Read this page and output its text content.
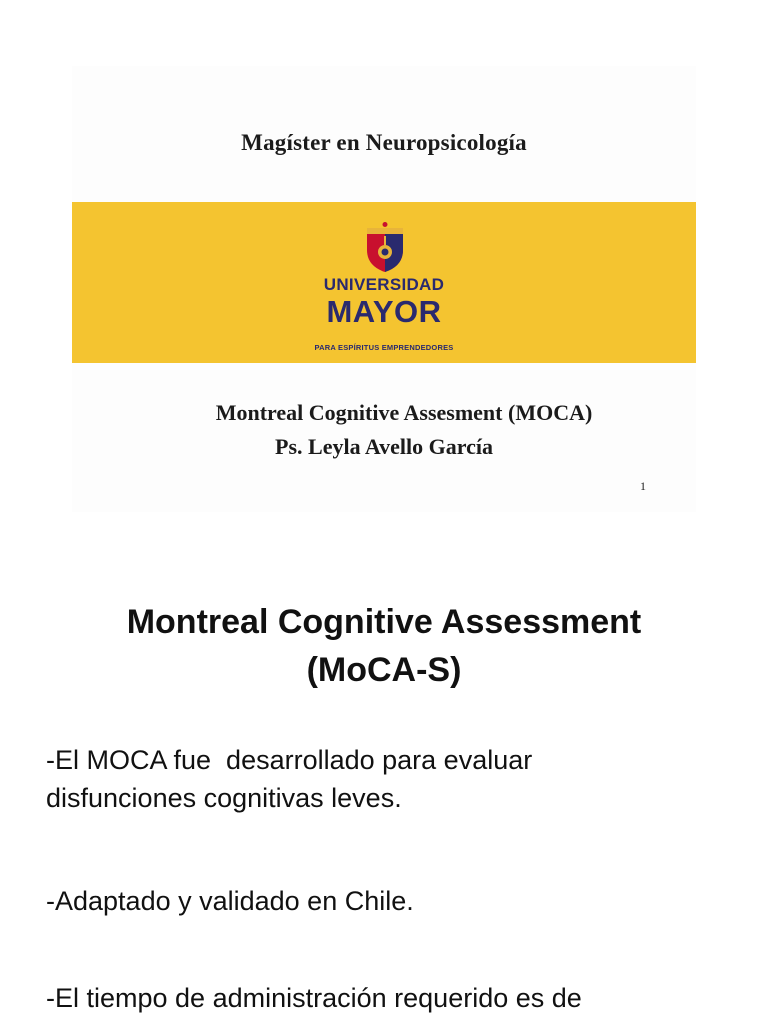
Magíster en Neuropsicología
UNIVERSIDAD
MAYOR
PARA ESPÍRITUS EMPRENDEDORES
Montreal Cognitive Assesment (MOCA)
Ps. Leyla Avello García
1
Montreal Cognitive Assessment
(MoCA-S)
-El MOCA fue  desarrollado para evaluar
disfunciones cognitivas leves.
-Adaptado y validado en Chile.
-El tiempo de administración requerido es de
